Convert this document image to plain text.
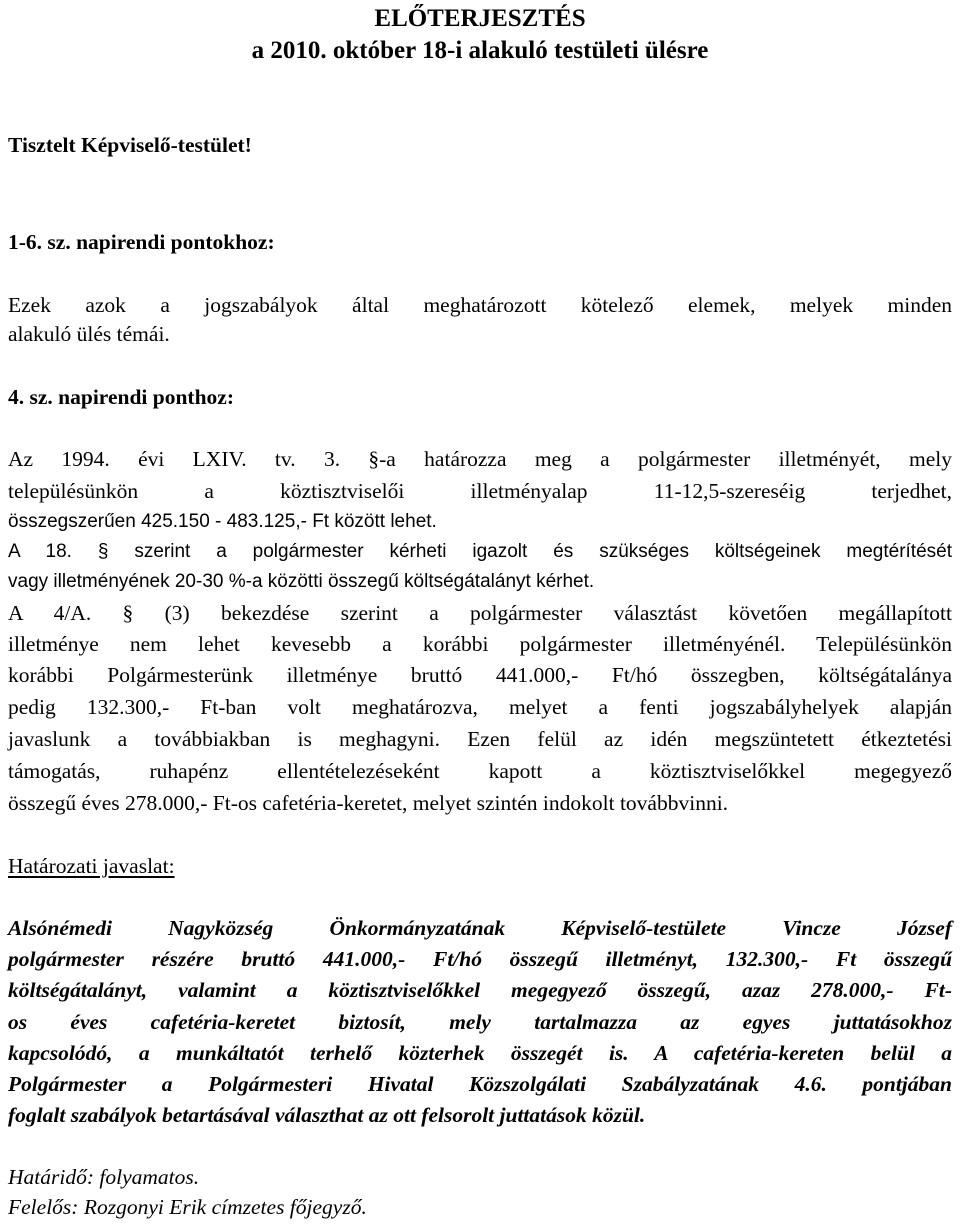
ELŐTERJESZTÉS
a 2010. október 18-i alakuló testületi ülésre
Tisztelt Képviselő-testület!
1-6. sz. napirendi pontokhoz:
Ezek azok a jogszabályok által meghatározott kötelező elemek, melyek minden
alakuló ülés témái.
4. sz. napirendi ponthoz:
Az 1994. évi LXIV. tv. 3. §-a határozza meg a polgármester illetményét, mely
településünkön a köztisztviselői illetményalap 11-12,5-szereséig terjedhet,
összegszerűen 425.150 - 483.125,- Ft között lehet.
A 18. § szerint a polgármester kérheti igazolt és szükséges költségeinek megtérítését
vagy illetményének 20-30 %-a közötti összegű költségátalányt kérhet.
A 4/A. § (3) bekezdése szerint a polgármester választást követően megállapított
illetménye nem lehet kevesebb a korábbi polgármester illetményénél. Településünkön
korábbi Polgármesterünk illetménye bruttó 441.000,- Ft/hó összegben, költségátalánya
pedig 132.300,- Ft-ban volt meghatározva, melyet a fenti jogszabályhelyek alapján
javaslunk a továbbiakban is meghagyni. Ezen felül az idén megszüntetett étkeztetési
támogatás, ruhapénz ellentételezéseként kapott a köztisztviselőkkel megegyező
összegű éves 278.000,- Ft-os cafetéria-keretet, melyet szintén indokolt továbbvinni.
Határozati javaslat:
Alsónémedi Nagyközség Önkormányzatának Képviselő-testülete Vincze József
polgármester részére bruttó 441.000,- Ft/hó összegű illetményt, 132.300,- Ft összegű
költségátalányt, valamint a köztisztviselőkkel megegyező összegű, azaz 278.000,- Ft-
os éves cafetéria-keretet biztosít, mely tartalmazza az egyes juttatásokhoz
kapcsolódó, a munkáltatót terhelő közterhek összegét is. A cafetéria-kereten belül a
Polgármester a Polgármesteri Hivatal Közszolgálati Szabályzatának 4.6. pontjában
foglalt szabályok betartásával választhat az ott felsorolt juttatások közül.
Határidő: folyamatos.
Felelős: Rozgonyi Erik címzetes főjegyző.
